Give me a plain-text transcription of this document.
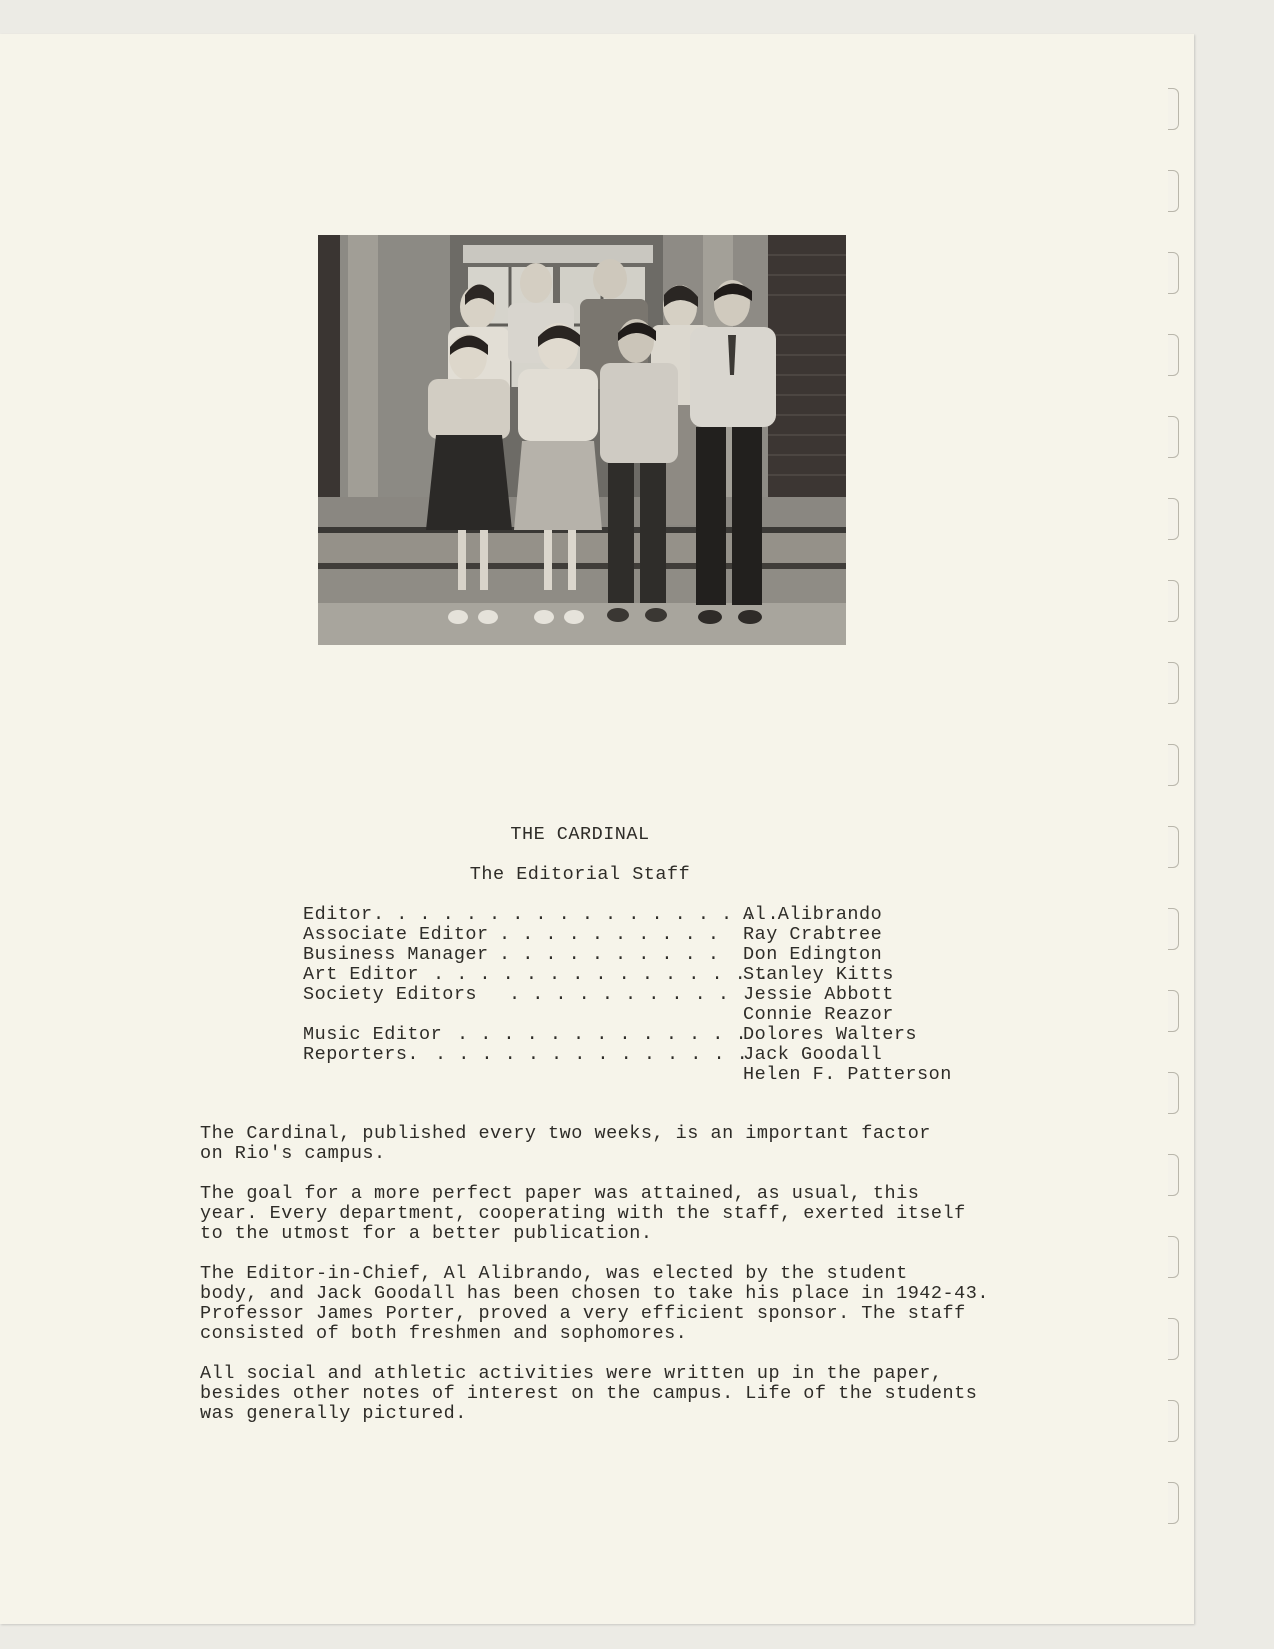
THE CARDINAL
The Editorial Staff

Editor . . . . . . . . . . . . . . . . . .
Al Alibrando

Associate Editor . . . . . . . . . .	Ray Crabtree

Business Manager . . . . . . . . . .	Don Edington

Art Editor . . . . . . . . . . . . . . .
Stanley Kitts

Society Editors . . . . . . . . . . Jessie Abbott

Connie Reazor

Music Editor . . . . . . . . . . . . .
Dolores Walters

Reporters. . . . . . . . . . . . . . .
Jack Goodall

Helen F. Patterson

The Cardinal, published every two weeks, is an important factor
on Rio's campus.
The goal for a more perfect paper was attained, as usual, this
year. Every department, cooperating with the staff, exerted itself
to the utmost for a better publication.
The Editor-in-Chief, Al Alibrando, was elected by the student
body, and Jack Goodall has been chosen to take his place in 1942-43.
Professor James Porter, proved a very efficient sponsor. The staff
consisted of both freshmen and sophomores.
All social and athletic activities were written up in the paper,
besides other notes of interest on the campus. Life of the students
was generally pictured.
